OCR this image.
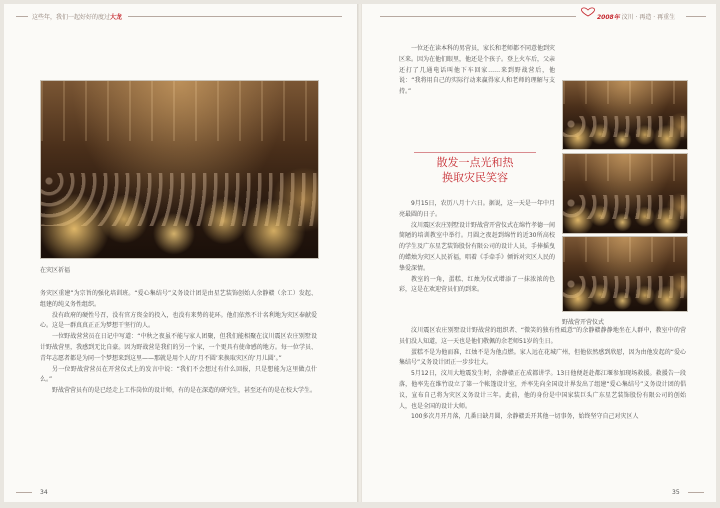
这些年，我们一起好好的度过大龙
在灾区祈福

务灾区重建”为宗旨的强化培训班。“爱心集结号”义务设计团是由星艺装饰创始人余静赣（余工）发起、组建的纯义务性组织。

没有政府的硬性号召，没有官方资金的投入，也没有来势的花环。他们依然不计名利地为灾区奉献爱心。这是一群真真正正为梦想干坚行的人。

一位野战营营员在日记中写道：“中秋之夜虽不能与家人团聚，但我们能相聚在汶川震区农庄别墅设计野战营里，我感到无比自豪。因为野战营是我们的另一个家，一个更具有使命感的地方。每一位学员、青年志愿者都是为同一个梦想来到这里——那就是用个人的‘月不圆’来换取灾区的‘月儿圆’。”

另一位野战营营员在开营仪式上的发言中说：“我们不会想过有什么回报，只是想能为这里做点什么。”

野战营营员有的是已经走上工作岗位的设计师，有的是在深造的研究生，甚至还有的是在校大学生。

34
2008年 汶川 · 再造 · 再重生

一位还在读本科的男营员，家长和老师都不同意他到灾区来。因为在他们眼里，他还是个孩子。登上火车后，父亲还打了几通电话叫他下车回家……来到野战营后，他说：“我将用自己的实际行动来赢得家人和老师的理解与支持。”

散发一点光和热
换取灾民笑容

9月15日，农历八月十六日。据说，这一天是一年中月亮最圆的日子。

汶川震区农庄别墅设计野战营开营仪式在绵竹孝德一间简陋的培训教室中举行。月圆之夜赶到绵竹的近30所高校的学生及广东星艺装饰股份有限公司的设计人员，手捧摇曳的蜡烛为灾区人民祈福，唱着《手牵手》倾诉对灾区人民的挚爱深情。

教室的一角，蛋糕、红烛为仪式增添了一抹浓浓的色彩，这是在欢迎营员们的到来。

野战营开营仪式

汶川震区农庄别墅设计野战营的组织者、“微笑的独有性砥意”的余静赣静静地坐在人群中，教室中的营员们没人知道，这一天也是他们敬佩的余老师51岁的生日。

蛋糕不是为他而准，红烛不是为他点燃。家人远在花城广州，但他依然感到欣慰，因为由他发起的“爱心集结号”义务设计团正一步步壮大。

5月12日，汶川大地震发生时，余静赣正在成都讲学。13日他便赶赴都江堰参加现场救援。救援告一段落，他率先在维竹设立了第一个帐篷设计室，并率先向全国设计界发出了组建“爱心集结号”义务设计团的倡议，宣布自己将为灾区义务设计三年。此前，他的身份是中国家装巨头广东星艺装饰股份有限公司的创始人，也是全国的设计大师。

100多次月开月落，几番日缺月圆，余静赣丢开其他一切事务，始终坚守自己对灾区人

35
